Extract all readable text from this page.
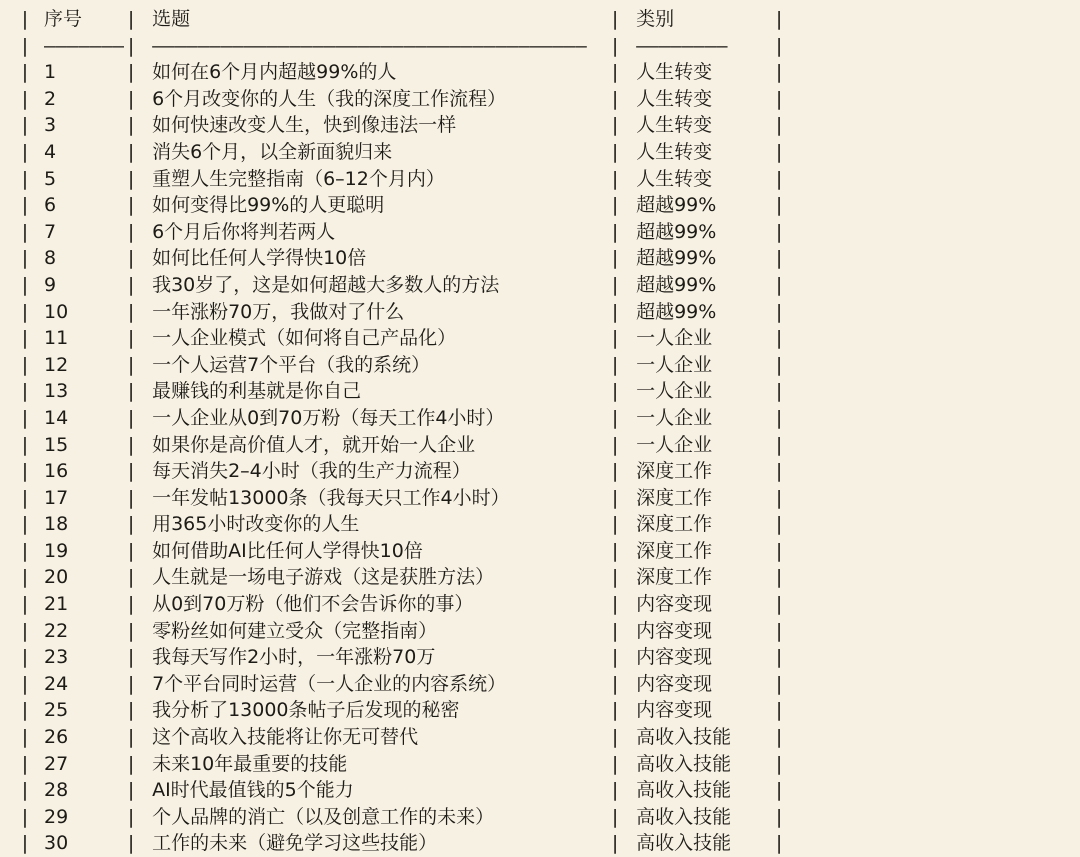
|	序号	|	选题	|	类别	|
|	———————	|	——————————————————————————————————————	|	————————	|
|	1	|	如何在6个月内超越99%的人	|	人生转变	|
|	2	|	6个月改变你的人生（我的深度工作流程）	|	人生转变	|
|	3	|	如何快速改变人生，快到像违法一样	|	人生转变	|
|	4	|	消失6个月，以全新面貌归来	|	人生转变	|
|	5	|	重塑人生完整指南（6–12个月内）	|	人生转变	|
|	6	|	如何变得比99%的人更聪明	|	超越99%	|
|	7	|	6个月后你将判若两人	|	超越99%	|
|	8	|	如何比任何人学得快10倍	|	超越99%	|
|	9	|	我30岁了，这是如何超越大多数人的方法	|	超越99%	|
|	10	|	一年涨粉70万，我做对了什么	|	超越99%	|
|	11	|	一人企业模式（如何将自己产品化）	|	一人企业	|
|	12	|	一个人运营7个平台（我的系统）	|	一人企业	|
|	13	|	最赚钱的利基就是你自己	|	一人企业	|
|	14	|	一人企业从0到70万粉（每天工作4小时）	|	一人企业	|
|	15	|	如果你是高价值人才，就开始一人企业	|	一人企业	|
|	16	|	每天消失2–4小时（我的生产力流程）	|	深度工作	|
|	17	|	一年发帖13000条（我每天只工作4小时）	|	深度工作	|
|	18	|	用365小时改变你的人生	|	深度工作	|
|	19	|	如何借助AI比任何人学得快10倍	|	深度工作	|
|	20	|	人生就是一场电子游戏（这是获胜方法）	|	深度工作	|
|	21	|	从0到70万粉（他们不会告诉你的事）	|	内容变现	|
|	22	|	零粉丝如何建立受众（完整指南）	|	内容变现	|
|	23	|	我每天写作2小时，一年涨粉70万	|	内容变现	|
|	24	|	7个平台同时运营（一人企业的内容系统）	|	内容变现	|
|	25	|	我分析了13000条帖子后发现的秘密	|	内容变现	|
|	26	|	这个高收入技能将让你无可替代	|	高收入技能	|
|	27	|	未来10年最重要的技能	|	高收入技能	|
|	28	|	AI时代最值钱的5个能力	|	高收入技能	|
|	29	|	个人品牌的消亡（以及创意工作的未来）	|	高收入技能	|
|	30	|	工作的未来（避免学习这些技能）	|	高收入技能	|
